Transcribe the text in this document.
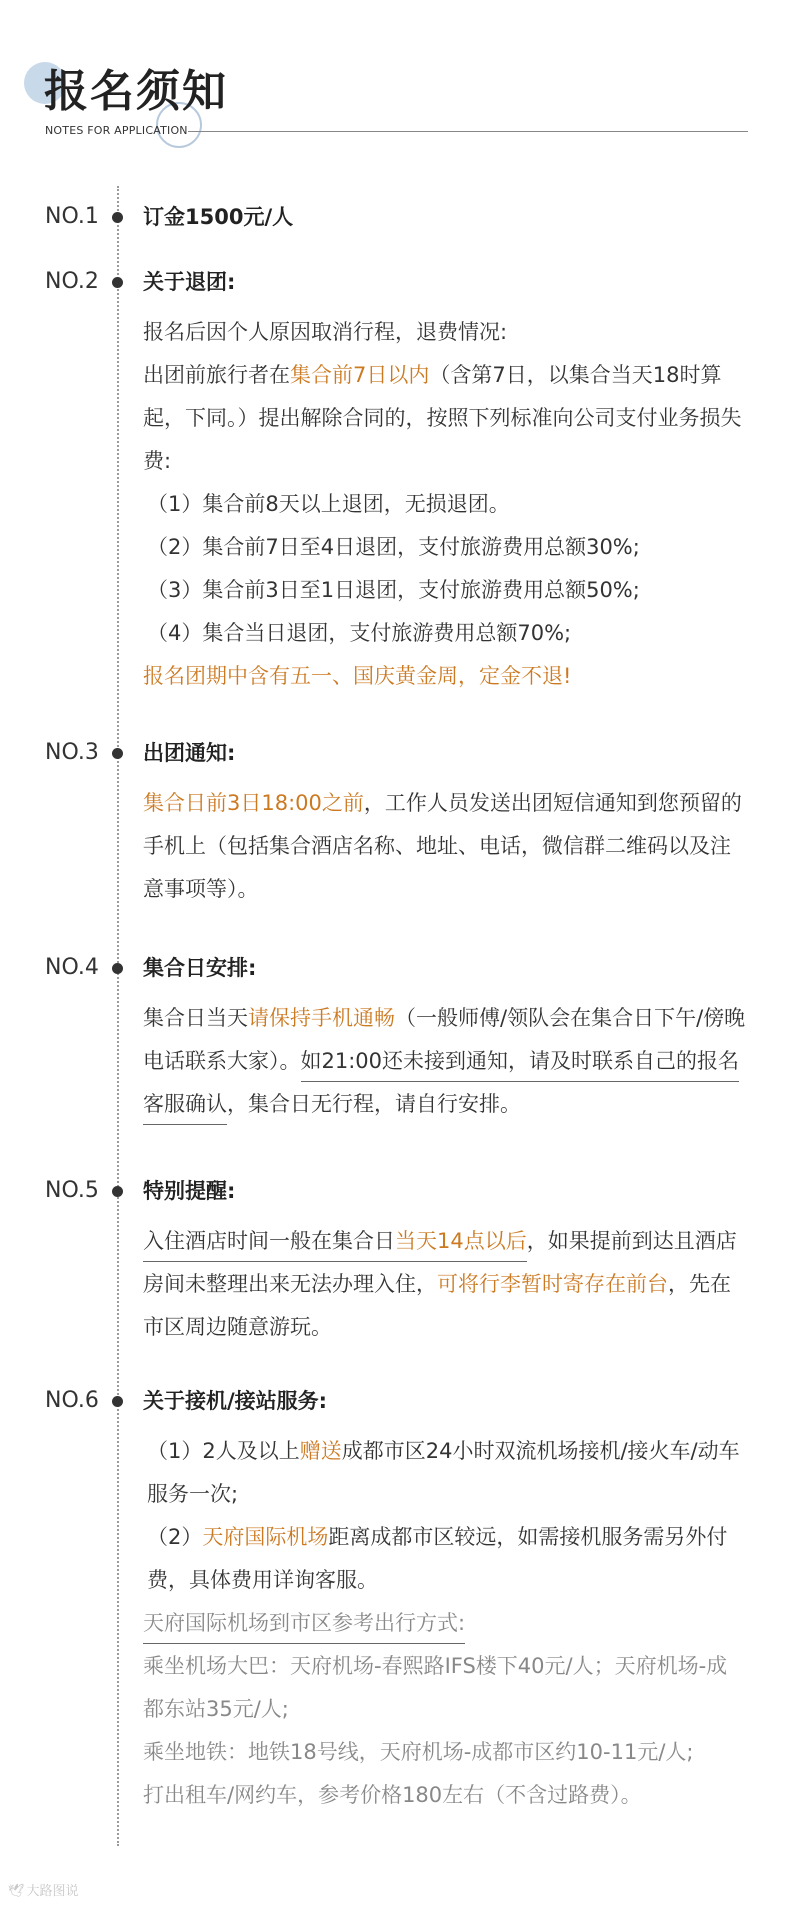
报名须知
NOTES FOR APPLICATION
NO.1 订金1500元/人
NO.2 关于退团:

报名后因个人原因取消行程，退费情况:

出团前旅行者在集合前7日以内（含第7日，以集合当天18时算起，下同。）提出解除合同的，按照下列标准向公司支付业务损失费:

（1）集合前8天以上退团，无损退团。

（2）集合前7日至4日退团，支付旅游费用总额30%;

（3）集合前3日至1日退团，支付旅游费用总额50%;

（4）集合当日退团，支付旅游费用总额70%;

报名团期中含有五一、国庆黄金周，定金不退!

NO.3 出团通知:

集合日前3日18:00之前，工作人员发送出团短信通知到您预留的手机上（包括集合酒店名称、地址、电话，微信群二维码以及注意事项等）。

NO.4 集合日安排:

集合日当天请保持手机通畅（一般师傅/领队会在集合日下午/傍晚电话联系大家）。如21:00还未接到通知，请及时联系自己的报名客服确认，集合日无行程，请自行安排。

NO.5 特别提醒:

入住酒店时间一般在集合日当天14点以后，如果提前到达且酒店房间未整理出来无法办理入住，可将行李暂时寄存在前台，先在市区周边随意游玩。

NO.6 关于接机/接站服务:

（1）2人及以上赠送成都市区24小时双流机场接机/接火车/动车服务一次;

（2）天府国际机场距离成都市区较远，如需接机服务需另外付费，具体费用详询客服。

天府国际机场到市区参考出行方式:

乘坐机场大巴：天府机场-春熙路IFS楼下40元/人；天府机场-成都东站35元/人;

乘坐地铁：地铁18号线，天府机场-成都市区约10-11元/人;

打出租车/网约车，参考价格180左右（不含过路费）。

🕊 大路图说
